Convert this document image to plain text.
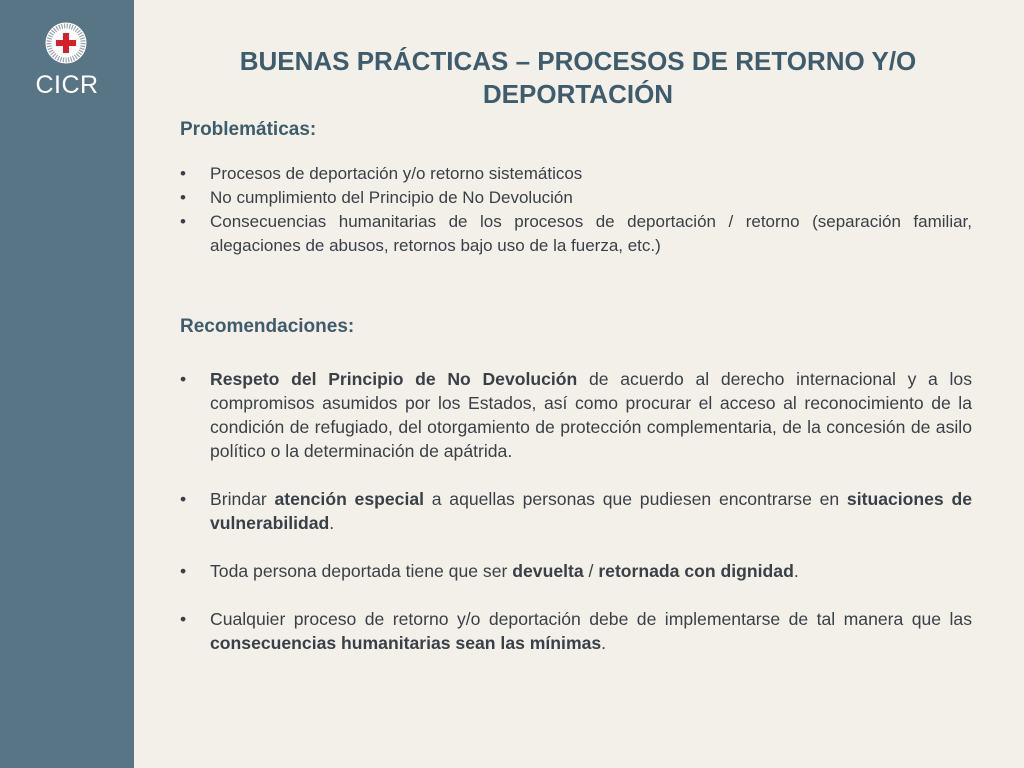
CICR
BUENAS PRÁCTICAS – PROCESOS DE RETORNO Y/O DEPORTACIÓN
Problemáticas:
• Procesos de deportación y/o retorno sistemáticos
• No cumplimiento del Principio de No Devolución
• Consecuencias humanitarias de los procesos de deportación / retorno (separación familiar, alegaciones de abusos, retornos bajo uso de la fuerza, etc.)
Recomendaciones:
• Respeto del Principio de No Devolución de acuerdo al derecho internacional y a los compromisos asumidos por los Estados, así como procurar el acceso al reconocimiento de la condición de refugiado, del otorgamiento de protección complementaria, de la concesión de asilo político o la determinación de apátrida.
• Brindar atención especial a aquellas personas que pudiesen encontrarse en situaciones de vulnerabilidad.
• Toda persona deportada tiene que ser devuelta / retornada con dignidad.
• Cualquier proceso de retorno y/o deportación debe de implementarse de tal manera que las consecuencias humanitarias sean las mínimas.
